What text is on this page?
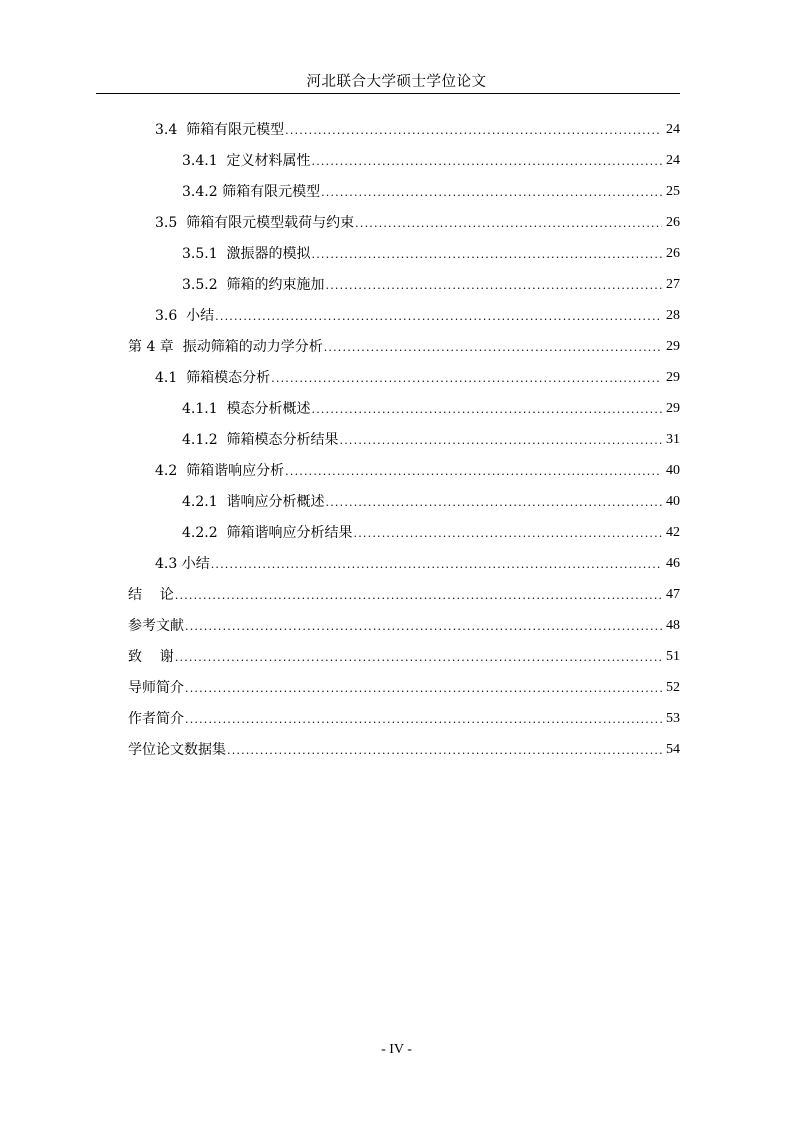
河北联合大学硕士学位论文
3.4 筛箱有限元模型 .....	24
3.4.1 定义材料属性 .....	24
3.4.2 筛箱有限元模型 .....	25
3.5 筛箱有限元模型载荷与约束 .....	26
3.5.1 激振器的模拟 .....	26
3.5.2 筛箱的约束施加 .....	27
3.6 小结 .....	28
第 4 章 振动筛箱的动力学分析 .....	29
4.1 筛箱模态分析 .....	29
4.1.1 模态分析概述 .....	29
4.1.2 筛箱模态分析结果 .....	31
4.2 筛箱谐响应分析 .....	40
4.2.1 谐响应分析概述 .....	40
4.2.2 筛箱谐响应分析结果 .....	42
4.3 小结 .....	46
结    论 .....	47
参考文献 .....	48
致    谢 .....	51
导师简介 .....	52
作者简介 .....	53
学位论文数据集 .....	54
- IV -
